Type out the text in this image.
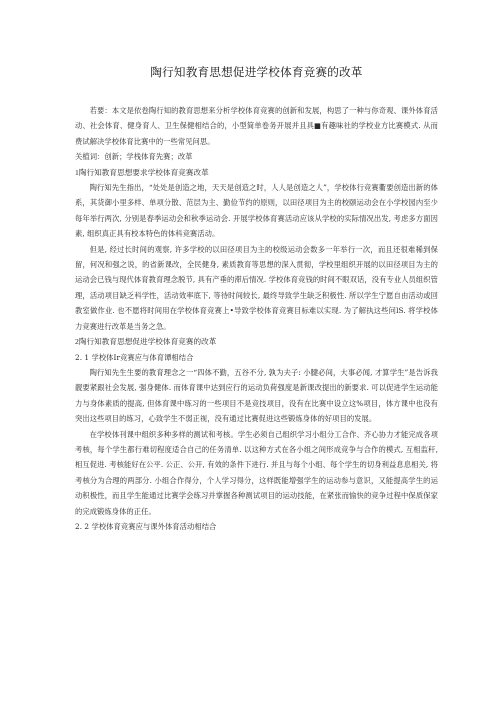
陶行知教育思想促进学校体育竞赛的改革

若要：本文是依卷陶行知的教育思想来分析学校体育竞赛的创新和发展，构思了一种与你奇观、课外体育活动、社会体育、健身育人、卫生保健相结合的，小型简单卷务开展并且具■有趣味社的学校业方比赛模式. 从而费试解决学校体育比赛中的一些常见问思。

关植词：创新；学栈体育先赛；改革

1陶行知教育思想要求学校体育竞赛改革

陶行知先生指出，“处处是创造之地，天天是创造之时，人人是创造之人”，学校体行竞赛衢要创造出新的体系，其货御小里多样、单项分散、范层为主、勤俭节约的原则，以田径项目为主的校颐运动会在小学校园内至少每年举行两次, 分别是春季运动会和秋季运动会. 开展学校体育赛活动应该从学校的实际情况出发, 考虑多方面因素, 组织真正具有校本特色的体科竞赛活动。

但是, 经过长时间的观察, 许多学校的以田径项目为主的校级运动会数多一年举行一次，而且还很难稀到保留，何况和强之说，的省新课改，全民健身, 素质教育等思想的深入贯彻，学校里组织开展的以田径项目为主的运动会已钱与现代体育教育理念脱节, 具有产垂的滞后情况. 学校体育竞钱的时间不眼双话，没有专业人员组织管理，活动项目缺乏科学性，活动效率底下, 等待时间较长, 最终导致学生缺乏积极性. 所以学生宁愿自由活动或回教室做作业. 也不愿将时间用在学校体育竞赛上•导致学校体育竞赛目标难以实现. 为了解执这些问lS. 将学校体力竞赛进行改革是当务之急。

2陶行知教育思想促进学校体育竞赛的改革

2. 1 学校体Ir竞赛应与体育谭相结合

陶行知先生生要的教育理念之一“四体不勤，五谷不分, 孰为夫子: 小腱必间，大事必闻, 才算学生”是告诉我靓要紧跟社会发展, 强身健体. 而体育课中达到应行的运动负荷强度是新课改提出的新要求. 可以促进学生运动能力与身体素质的提高, 但体育课中练习的一些项目不是竞技项目，没有在比赛中设立这%项目，体方课中也没有突出这些项目的练习，心致学生不弱正视，没有通过比赛促进这些锻炼身体的好项目的发展。

在学校体刊课中组织多种多样的测试和考核。学生必须自己组织学习小组分工合作、齐心协力才能完成各项考核，每个学生都行难切程度适合自己的任务清单. 以这种方式在各小组之间形成竞争与合作的模式, 互相监秆, 相互促进. 考核能好在公平. 公正、公开, 有效的条件下进行. 并且与每个小组、每个学生的切身利益息息相关, 将考核分为合理的两部分. 小组合作得分，个人学习得分，这样既能增强学生的运动参与意识，又能提高学生的运动积极性，而且学生能通过比赛学会练习并掌握各种测试项目的运动技能，在紧张而愉快的竞争过程中保质保家的完成锻炼身体的正任。

2. 2 学校体育竞赛应与课外体育活动相结合
